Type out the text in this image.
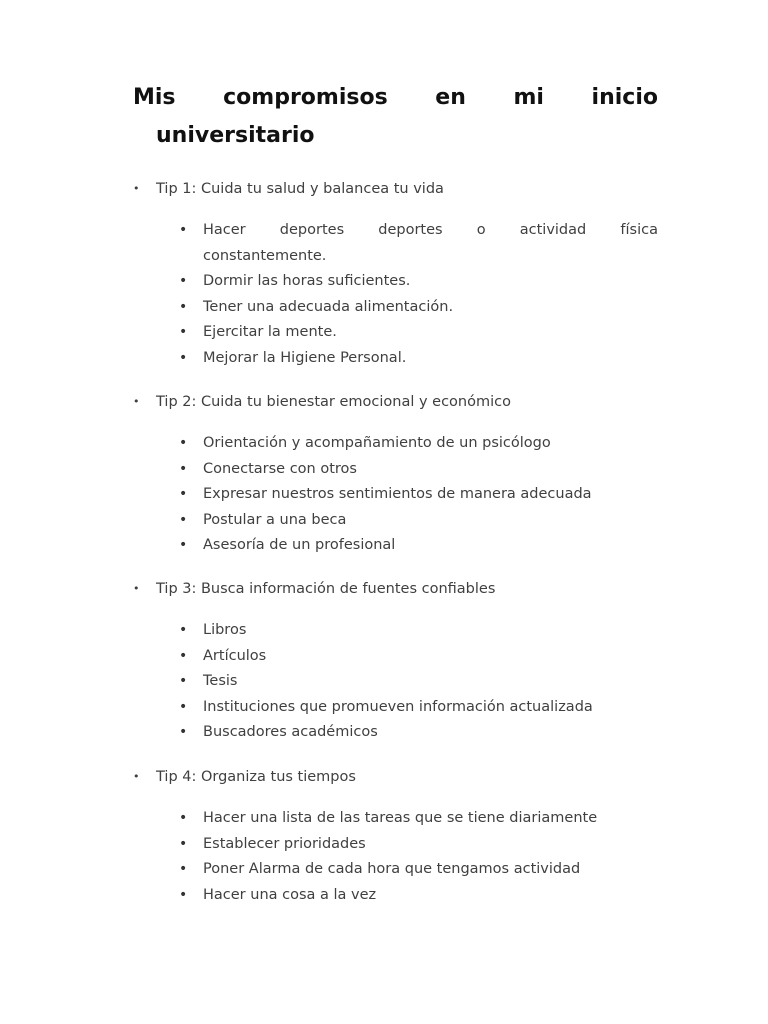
Mis compromisos en mi inicio
universitario
• Tip 1: Cuida tu salud y balancea tu vida
• Hacer deportes deportes o actividad física
constantemente.
• Dormir las horas suficientes.
• Tener una adecuada alimentación.
• Ejercitar la mente.
• Mejorar la Higiene Personal.
• Tip 2: Cuida tu bienestar emocional y económico
• Orientación y acompañamiento de un psicólogo
• Conectarse con otros
• Expresar nuestros sentimientos de manera adecuada
• Postular a una beca
• Asesoría de un profesional
• Tip 3: Busca información de fuentes confiables
• Libros
• Artículos
• Tesis
• Instituciones que promueven información actualizada
• Buscadores académicos
• Tip 4: Organiza tus tiempos
• Hacer una lista de las tareas que se tiene diariamente
• Establecer prioridades
• Poner Alarma de cada hora que tengamos actividad
• Hacer una cosa a la vez
